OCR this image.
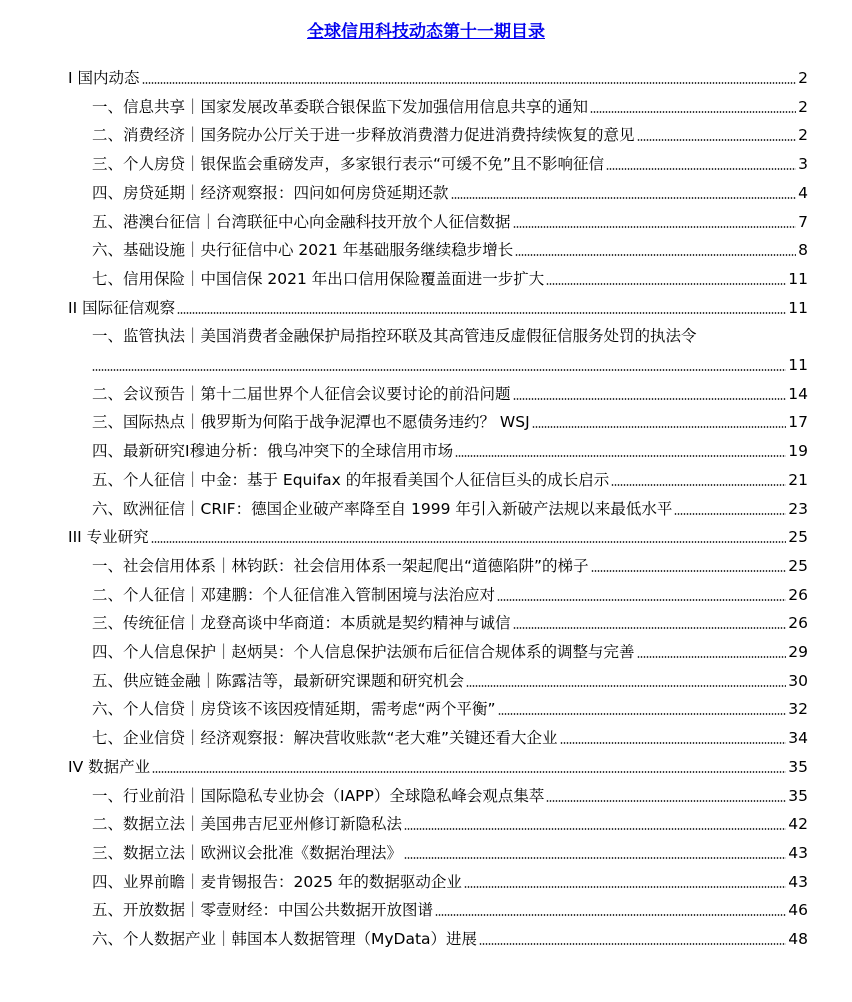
全球信用科技动态第十一期目录
I 国内动态	2
一、信息共享｜国家发展改革委联合银保监下发加强信用信息共享的通知	2
二、消费经济｜国务院办公厅关于进一步释放消费潜力促进消费持续恢复的意见	2
三、个人房贷｜银保监会重磅发声，多家银行表示“可缓不免”且不影响征信	3
四、房贷延期｜经济观察报：四问如何房贷延期还款	4
五、港澳台征信｜台湾联征中心向金融科技开放个人征信数据	7
六、基础设施｜央行征信中心 2021 年基础服务继续稳步增长	8
七、信用保险｜中国信保 2021 年出口信用保险覆盖面进一步扩大	11
II 国际征信观察	11
一、监管执法｜美国消费者金融保护局指控环联及其高管违反虚假征信服务处罚的执法令
11
二、会议预告｜第十二届世界个人征信会议要讨论的前沿问题	14
三、国际热点｜俄罗斯为何陷于战争泥潭也不愿债务违约？ WSJ	17
四、最新研究I穆迪分析：俄乌冲突下的全球信用市场	19
五、个人征信｜中金：基于 Equifax 的年报看美国个人征信巨头的成长启示	21
六、欧洲征信｜CRIF：德国企业破产率降至自 1999 年引入新破产法规以来最低水平	23
III 专业研究	25
一、社会信用体系｜林钧跃：社会信用体系一架起爬出“道德陷阱”的梯子	25
二、个人征信｜邓建鹏：个人征信准入管制困境与法治应对	26
三、传统征信｜龙登高谈中华商道：本质就是契约精神与诚信	26
四、个人信息保护｜赵炳昊：个人信息保护法颁布后征信合规体系的调整与完善	29
五、供应链金融｜陈露洁等，最新研究课题和研究机会	30
六、个人信贷｜房贷该不该因疫情延期，需考虑“两个平衡”	32
七、企业信贷｜经济观察报：解决营收账款“老大难”关键还看大企业	34
IV 数据产业	35
一、行业前沿｜国际隐私专业协会（IAPP）全球隐私峰会观点集萃	35
二、数据立法｜美国弗吉尼亚州修订新隐私法	42
三、数据立法｜欧洲议会批准《数据治理法》	43
四、业界前瞻｜麦肯锡报告：2025 年的数据驱动企业	43
五、开放数据｜零壹财经：中国公共数据开放图谱	46
六、个人数据产业｜韩国本人数据管理（MyData）进展	48
